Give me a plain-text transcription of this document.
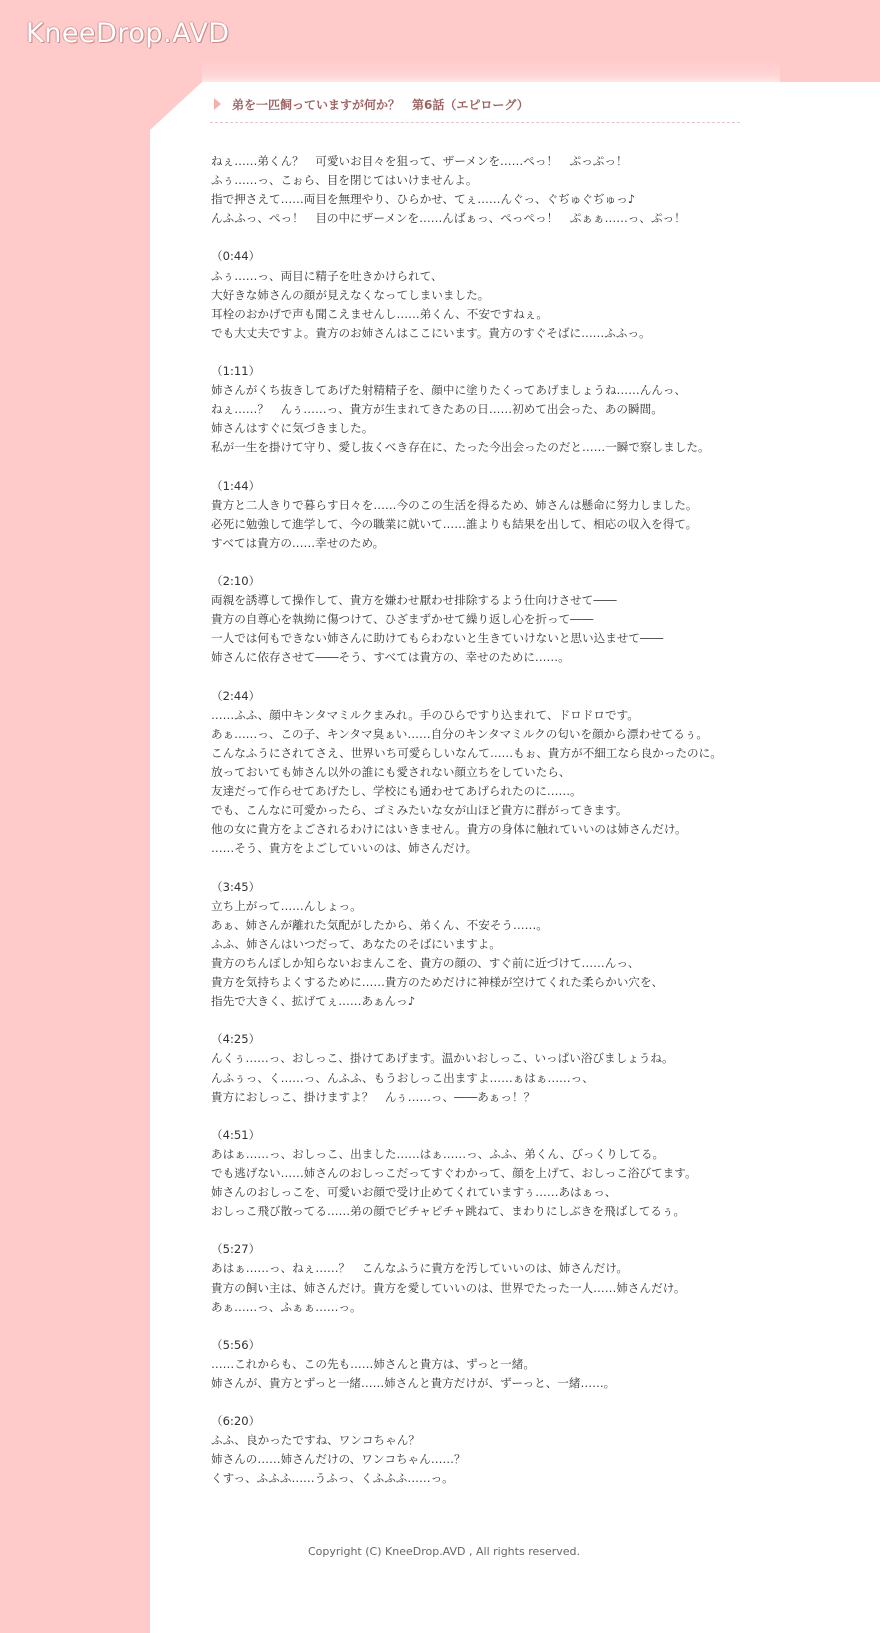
KneeDrop.AVD
弟を一匹飼っていますが何か？　第6話（エピローグ）
ねぇ……弟くん？　可愛いお目々を狙って、ザーメンを……ぺっ！　ぷっぷっ！
ふぅ……っ、こぉら、目を閉じてはいけませんよ。
指で押さえて……両目を無理やり、ひらかせ、てぇ……んぐっ、ぐぢゅぐぢゅっ♪
んふふっ、ぺっ！　目の中にザーメンを……んばぁっ、ぺっぺっ！　ぷぁぁ……っ、ぷっ！
（0:44）
ふぅ……っ、両目に精子を吐きかけられて、
大好きな姉さんの顔が見えなくなってしまいました。
耳栓のおかげで声も聞こえませんし……弟くん、不安ですねぇ。
でも大丈夫ですよ。貴方のお姉さんはここにいます。貴方のすぐそばに……ふふっ。
（1:11）
姉さんがくち抜きしてあげた射精精子を、顔中に塗りたくってあげましょうね……んんっ、
ねぇ……？　んぅ……っ、貴方が生まれてきたあの日……初めて出会った、あの瞬間。
姉さんはすぐに気づきました。
私が一生を掛けて守り、愛し抜くべき存在に、たった今出会ったのだと……一瞬で察しました。
（1:44）
貴方と二人きりで暮らす日々を……今のこの生活を得るため、姉さんは懸命に努力しました。
必死に勉強して進学して、今の職業に就いて……誰よりも結果を出して、相応の収入を得て。
すべては貴方の……幸せのため。
（2:10）
両親を誘導して操作して、貴方を嫌わせ厭わせ排除するよう仕向けさせて――
貴方の自尊心を執拗に傷つけて、ひざまずかせて繰り返し心を折って――
一人では何もできない姉さんに助けてもらわないと生きていけないと思い込ませて――
姉さんに依存させて――そう、すべては貴方の、幸せのために……。
（2:44）
……ふふ、顔中キンタマミルクまみれ。手のひらですり込まれて、ドロドロです。
あぁ……っ、この子、キンタマ臭ぁい……自分のキンタマミルクの匂いを顔から漂わせてるぅ。
こんなふうにされてさえ、世界いち可愛らしいなんて……もぉ、貴方が不細工なら良かったのに。
放っておいても姉さん以外の誰にも愛されない顔立ちをしていたら、
友達だって作らせてあげたし、学校にも通わせてあげられたのに……。
でも、こんなに可愛かったら、ゴミみたいな女が山ほど貴方に群がってきます。
他の女に貴方をよごされるわけにはいきません。貴方の身体に触れていいのは姉さんだけ。
……そう、貴方をよごしていいのは、姉さんだけ。
（3:45）
立ち上がって……んしょっ。
あぁ、姉さんが離れた気配がしたから、弟くん、不安そう……。
ふふ、姉さんはいつだって、あなたのそばにいますよ。
貴方のちんぽしか知らないおまんこを、貴方の顔の、すぐ前に近づけて……んっ、
貴方を気持ちよくするために……貴方のためだけに神様が空けてくれた柔らかい穴を、
指先で大きく、拡げてぇ……あぁんっ♪
（4:25）
んくぅ……っ、おしっこ、掛けてあげます。温かいおしっこ、いっぱい浴びましょうね。
んふぅっ、く……っ、んふふ、もうおしっこ出ますよ……ぁはぁ……っ、
貴方におしっこ、掛けますよ？　んぅ……っ、――あぁっ！？
（4:51）
あはぁ……っ、おしっこ、出ました……はぁ……っ、ふふ、弟くん、びっくりしてる。
でも逃げない……姉さんのおしっこだってすぐわかって、顔を上げて、おしっこ浴びてます。
姉さんのおしっこを、可愛いお顔で受け止めてくれていますぅ……あはぁっ、
おしっこ飛び散ってる……弟の顔でピチャピチャ跳ねて、まわりにしぶきを飛ばしてるぅ。
（5:27）
あはぁ……っ、ねぇ……？　こんなふうに貴方を汚していいのは、姉さんだけ。
貴方の飼い主は、姉さんだけ。貴方を愛していいのは、世界でたった一人……姉さんだけ。
あぁ……っ、ふぁぁ……っ。
（5:56）
……これからも、この先も……姉さんと貴方は、ずっと一緒。
姉さんが、貴方とずっと一緒……姉さんと貴方だけが、ずーっと、一緒……。
（6:20）
ふふ、良かったですね、ワンコちゃん？
姉さんの……姉さんだけの、ワンコちゃん……？
くすっ、ふふふ……うふっ、くふふふ……っ。
Copyright (C) KneeDrop.AVD , All rights reserved.
